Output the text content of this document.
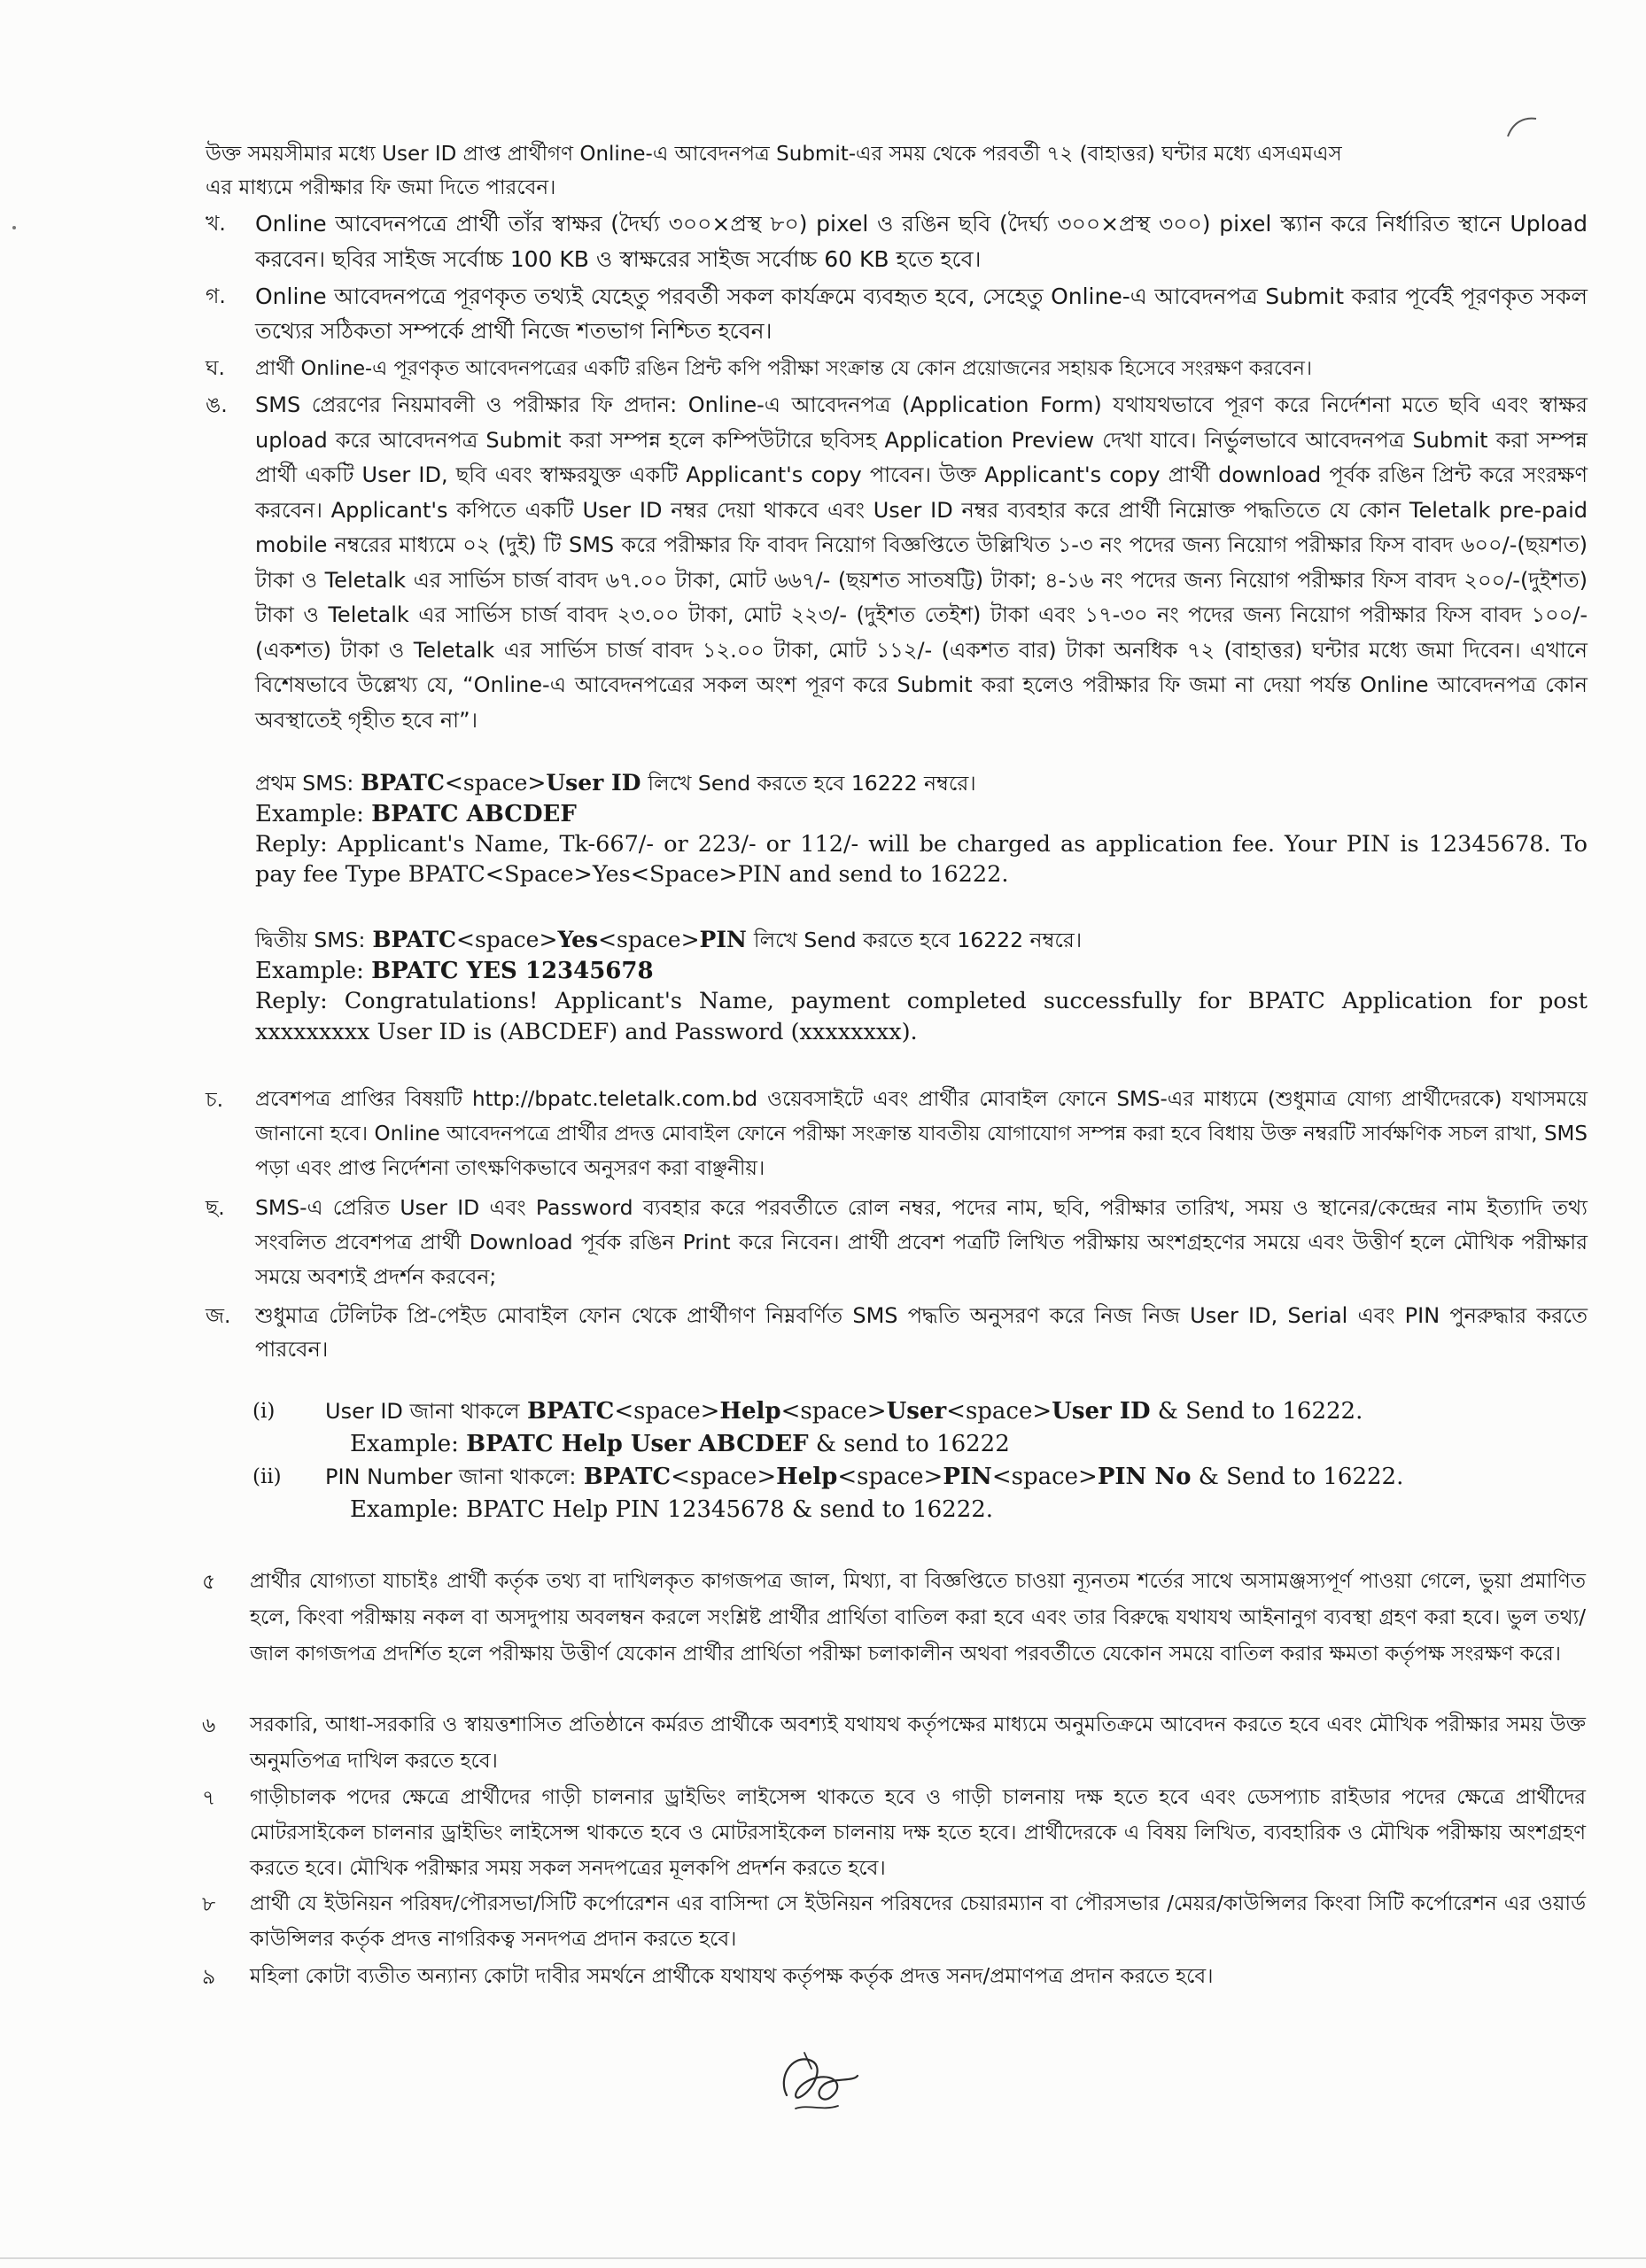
উক্ত সময়সীমার মধ্যে User ID প্রাপ্ত প্রার্থীগণ Online-এ আবেদনপত্র Submit-এর সময় থেকে পরবর্তী ৭২ (বাহাত্তর) ঘন্টার মধ্যে এসএমএস
এর মাধ্যমে পরীক্ষার ফি জমা দিতে পারবেন।

খ.	Online আবেদনপত্রে প্রার্থী তাঁর স্বাক্ষর (দৈর্ঘ্য ৩০০×প্রস্থ ৮০) pixel ও রঙিন ছবি (দৈর্ঘ্য ৩০০×প্রস্থ ৩০০) pixel স্ক্যান করে নির্ধারিত স্থানে Upload করবেন। ছবির সাইজ সর্বোচ্চ 100 KB ও স্বাক্ষরের সাইজ সর্বোচ্চ 60 KB হতে হবে।

গ.	Online আবেদনপত্রে পূরণকৃত তথ্যই যেহেতু পরবর্তী সকল কার্যক্রমে ব্যবহৃত হবে, সেহেতু Online-এ আবেদনপত্র Submit করার পূর্বেই পূরণকৃত সকল তথ্যের সঠিকতা সম্পর্কে প্রার্থী নিজে শতভাগ নিশ্চিত হবেন।

ঘ.	প্রার্থী Online-এ পূরণকৃত আবেদনপত্রের একটি রঙিন প্রিন্ট কপি পরীক্ষা সংক্রান্ত যে কোন প্রয়োজনের সহায়ক হিসেবে সংরক্ষণ করবেন।

ঙ.	SMS প্রেরণের নিয়মাবলী ও পরীক্ষার ফি প্রদান: Online-এ আবেদনপত্র (Application Form) যথাযথভাবে পূরণ করে নির্দেশনা মতে ছবি এবং স্বাক্ষর upload করে আবেদনপত্র Submit করা সম্পন্ন হলে কম্পিউটারে ছবিসহ Application Preview দেখা যাবে। নির্ভুলভাবে আবেদনপত্র Submit করা সম্পন্ন প্রার্থী একটি User ID, ছবি এবং স্বাক্ষরযুক্ত একটি Applicant's copy পাবেন। উক্ত Applicant's copy প্রার্থী download পূর্বক রঙিন প্রিন্ট করে সংরক্ষণ করবেন। Applicant's কপিতে একটি User ID নম্বর দেয়া থাকবে এবং User ID নম্বর ব্যবহার করে প্রার্থী নিম্নোক্ত পদ্ধতিতে যে কোন Teletalk pre-paid mobile নম্বরের মাধ্যমে ০২ (দুই) টি SMS করে পরীক্ষার ফি বাবদ নিয়োগ বিজ্ঞপ্তিতে উল্লিখিত ১-৩ নং পদের জন্য নিয়োগ পরীক্ষার ফিস বাবদ ৬০০/-(ছয়শত) টাকা ও Teletalk এর সার্ভিস চার্জ বাবদ ৬৭.০০ টাকা, মোট ৬৬৭/- (ছয়শত সাতষট্টি) টাকা; ৪-১৬ নং পদের জন্য নিয়োগ পরীক্ষার ফিস বাবদ ২০০/-(দুইশত) টাকা ও Teletalk এর সার্ভিস চার্জ বাবদ ২৩.০০ টাকা, মোট ২২৩/- (দুইশত তেইশ) টাকা এবং ১৭-৩০ নং পদের জন্য নিয়োগ পরীক্ষার ফিস বাবদ ১০০/-(একশত) টাকা ও Teletalk এর সার্ভিস চার্জ বাবদ ১২.০০ টাকা, মোট ১১২/- (একশত বার) টাকা অনধিক ৭২ (বাহাত্তর) ঘন্টার মধ্যে জমা দিবেন। এখানে বিশেষভাবে উল্লেখ্য যে, “Online-এ আবেদনপত্রের সকল অংশ পূরণ করে Submit করা হলেও পরীক্ষার ফি জমা না দেয়া পর্যন্ত Online আবেদনপত্র কোন অবস্থাতেই গৃহীত হবে না”।

প্রথম SMS: BPATC<space>User ID লিখে Send করতে হবে 16222 নম্বরে।

Example: BPATC ABCDEF

Reply: Applicant's Name, Tk-667/- or 223/- or 112/- will be charged as application fee. Your PIN is 12345678. To pay fee Type BPATC<Space>Yes<Space>PIN and send to 16222.

দ্বিতীয় SMS: BPATC<space>Yes<space>PIN লিখে Send করতে হবে 16222 নম্বরে।

Example: BPATC YES 12345678

Reply: Congratulations! Applicant's Name, payment completed successfully for BPATC Application for post xxxxxxxxx User ID is (ABCDEF) and Password (xxxxxxxx).

চ.	প্রবেশপত্র প্রাপ্তির বিষয়টি http://bpatc.teletalk.com.bd ওয়েবসাইটে এবং প্রার্থীর মোবাইল ফোনে SMS-এর মাধ্যমে (শুধুমাত্র যোগ্য প্রার্থীদেরকে) যথাসময়ে জানানো হবে। Online আবেদনপত্রে প্রার্থীর প্রদত্ত মোবাইল ফোনে পরীক্ষা সংক্রান্ত যাবতীয় যোগাযোগ সম্পন্ন করা হবে বিধায় উক্ত নম্বরটি সার্বক্ষণিক সচল রাখা, SMS পড়া এবং প্রাপ্ত নির্দেশনা তাৎক্ষণিকভাবে অনুসরণ করা বাঞ্ছনীয়।

ছ.	SMS-এ প্রেরিত User ID এবং Password ব্যবহার করে পরবর্তীতে রোল নম্বর, পদের নাম, ছবি, পরীক্ষার তারিখ, সময় ও স্থানের/কেন্দ্রের নাম ইত্যাদি তথ্য সংবলিত প্রবেশপত্র প্রার্থী Download পূর্বক রঙিন Print করে নিবেন। প্রার্থী প্রবেশ পত্রটি লিখিত পরীক্ষায় অংশগ্রহণের সময়ে এবং উত্তীর্ণ হলে মৌখিক পরীক্ষার সময়ে অবশ্যই প্রদর্শন করবেন;

জ.	শুধুমাত্র টেলিটক প্রি-পেইড মোবাইল ফোন থেকে প্রার্থীগণ নিম্নবর্ণিত SMS পদ্ধতি অনুসরণ করে নিজ নিজ User ID, Serial এবং PIN পুনরুদ্ধার করতে পারবেন।

(i) User ID জানা থাকলে BPATC<space>Help<space>User<space>User ID & Send to 16222.
Example: BPATC Help User ABCDEF & send to 16222
(ii) PIN Number জানা থাকলে: BPATC<space>Help<space>PIN<space>PIN No & Send to 16222.
Example: BPATC Help PIN 12345678 & send to 16222.
৫	প্রার্থীর যোগ্যতা যাচাইঃ প্রার্থী কর্তৃক তথ্য বা দাখিলকৃত কাগজপত্র জাল, মিথ্যা, বা বিজ্ঞপ্তিতে চাওয়া ন্যূনতম শর্তের সাথে অসামঞ্জস্যপূর্ণ পাওয়া গেলে, ভুয়া প্রমাণিত হলে, কিংবা পরীক্ষায় নকল বা অসদুপায় অবলম্বন করলে সংশ্লিষ্ট প্রার্থীর প্রার্থিতা বাতিল করা হবে এবং তার বিরুদ্ধে যথাযথ আইনানুগ ব্যবস্থা গ্রহণ করা হবে। ভুল তথ্য/ জাল কাগজপত্র প্রদর্শিত হলে পরীক্ষায় উত্তীর্ণ যেকোন প্রার্থীর প্রার্থিতা পরীক্ষা চলাকালীন অথবা পরবর্তীতে যেকোন সময়ে বাতিল করার ক্ষমতা কর্তৃপক্ষ সংরক্ষণ করে।

৬	সরকারি, আধা-সরকারি ও স্বায়ত্তশাসিত প্রতিষ্ঠানে কর্মরত প্রার্থীকে অবশ্যই যথাযথ কর্তৃপক্ষের মাধ্যমে অনুমতিক্রমে আবেদন করতে হবে এবং মৌখিক পরীক্ষার সময় উক্ত অনুমতিপত্র দাখিল করতে হবে।

৭	গাড়ীচালক পদের ক্ষেত্রে প্রার্থীদের গাড়ী চালনার ড্রাইভিং লাইসেন্স থাকতে হবে ও গাড়ী চালনায় দক্ষ হতে হবে এবং ডেসপ্যাচ রাইডার পদের ক্ষেত্রে প্রার্থীদের মোটরসাইকেল চালনার ড্রাইভিং লাইসেন্স থাকতে হবে ও মোটরসাইকেল চালনায় দক্ষ হতে হবে। প্রার্থীদেরকে এ বিষয় লিখিত, ব্যবহারিক ও মৌখিক পরীক্ষায় অংশগ্রহণ করতে হবে। মৌখিক পরীক্ষার সময় সকল সনদপত্রের মূলকপি প্রদর্শন করতে হবে।

৮	প্রার্থী যে ইউনিয়ন পরিষদ/পৌরসভা/সিটি কর্পোরেশন এর বাসিন্দা সে ইউনিয়ন পরিষদের চেয়ারম্যান বা পৌরসভার /মেয়র/কাউন্সিলর কিংবা সিটি কর্পোরেশন এর ওয়ার্ড কাউন্সিলর কর্তৃক প্রদত্ত নাগরিকত্ব সনদপত্র প্রদান করতে হবে।

৯	মহিলা কোটা ব্যতীত অন্যান্য কোটা দাবীর সমর্থনে প্রার্থীকে যথাযথ কর্তৃপক্ষ কর্তৃক প্রদত্ত সনদ/প্রমাণপত্র প্রদান করতে হবে।
